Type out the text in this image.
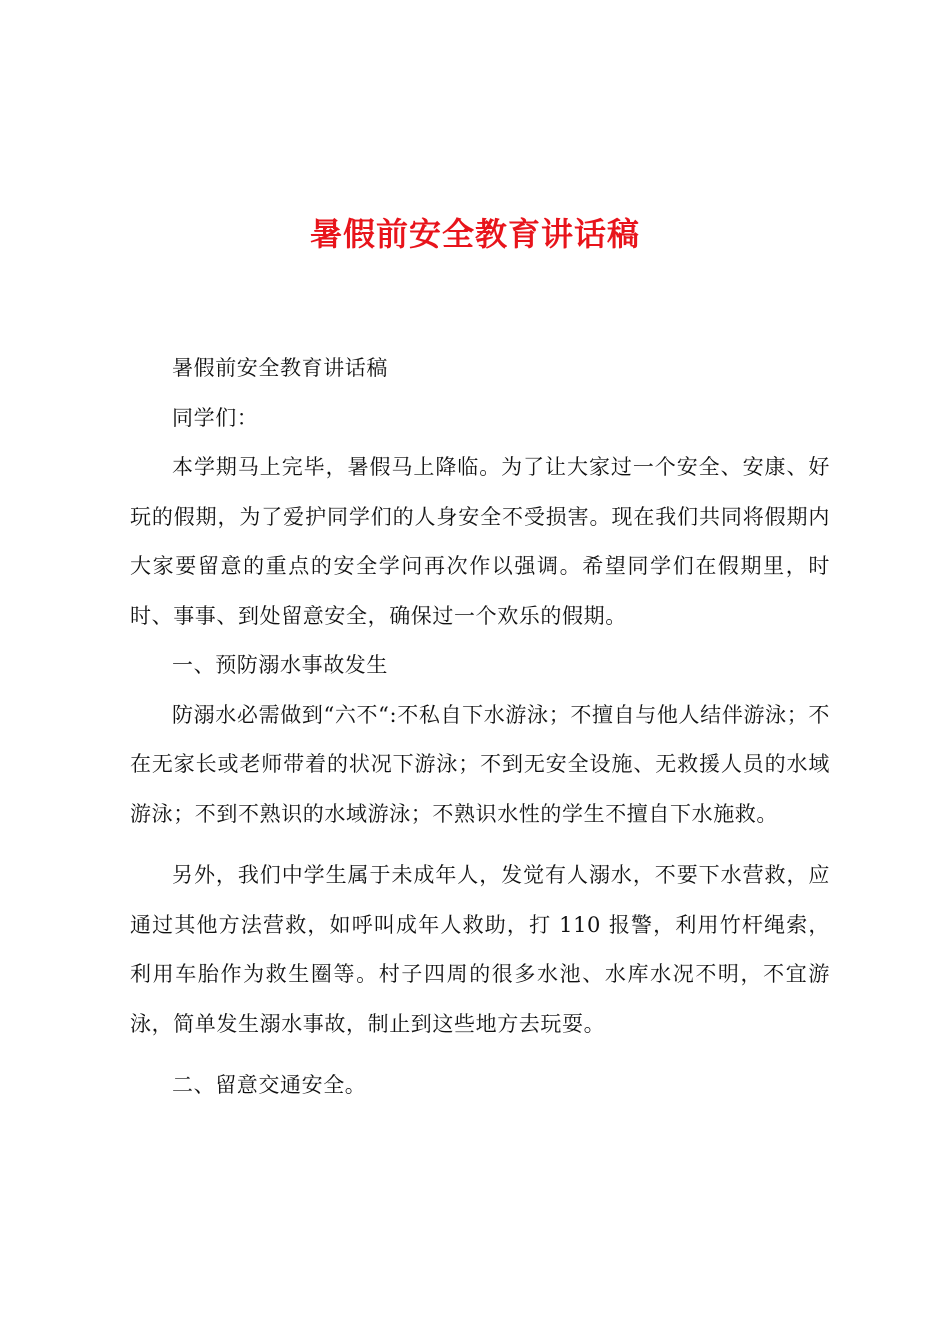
暑假前安全教育讲话稿

暑假前安全教育讲话稿

同学们：

本学期马上完毕，暑假马上降临。为了让大家过一个安全、安康、好玩的假期，为了爱护同学们的人身安全不受损害。现在我们共同将假期内大家要留意的重点的安全学问再次作以强调。希望同学们在假期里，时时、事事、到处留意安全，确保过一个欢乐的假期。

一、预防溺水事故发生

防溺水必需做到“六不“:不私自下水游泳；不擅自与他人结伴游泳；不在无家长或老师带着的状况下游泳；不到无安全设施、无救援人员的水域游泳；不到不熟识的水域游泳；不熟识水性的学生不擅自下水施救。

另外，我们中学生属于未成年人，发觉有人溺水，不要下水营救，应通过其他方法营救，如呼叫成年人救助，打 110 报警，利用竹杆绳索，利用车胎作为救生圈等。村子四周的很多水池、水库水况不明，不宜游泳，简单发生溺水事故，制止到这些地方去玩耍。

二、留意交通安全。
